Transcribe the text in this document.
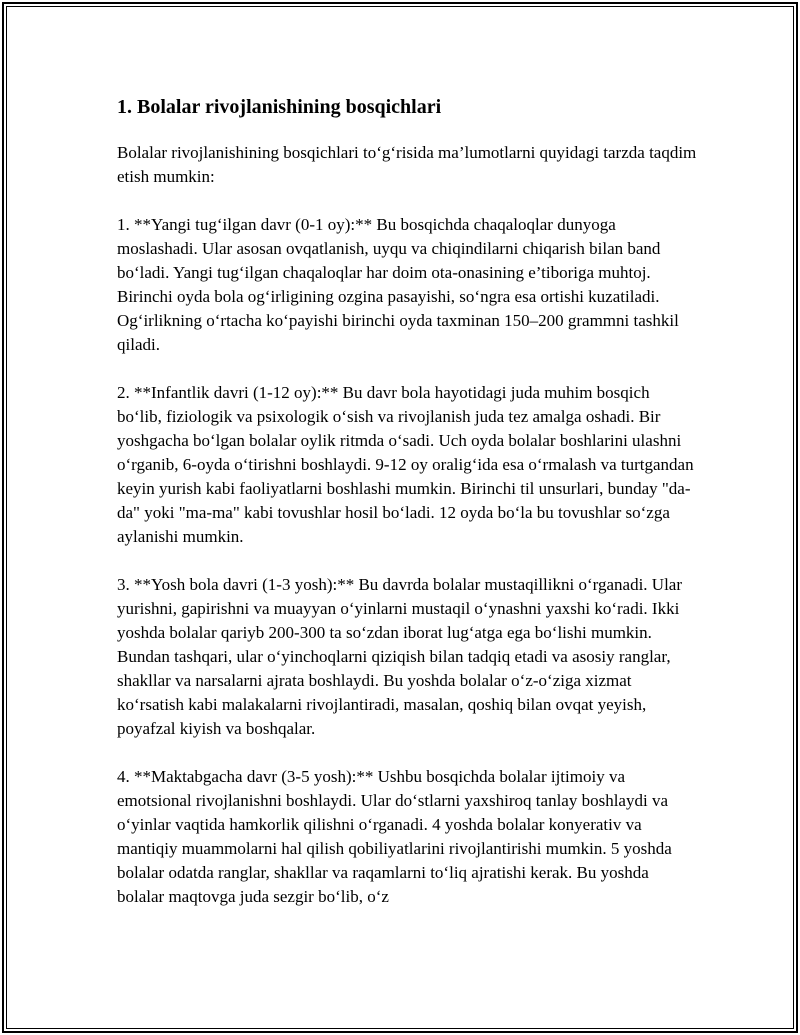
1. Bolalar rivojlanishining bosqichlari

Bolalar rivojlanishining bosqichlari to‘g‘risida ma’lumotlarni quyidagi tarzda taqdim etish mumkin:

1. **Yangi tug‘ilgan davr (0-1 oy):** Bu bosqichda chaqaloqlar dunyoga moslashadi. Ular asosan ovqatlanish, uyqu va chiqindilarni chiqarish bilan band bo‘ladi. Yangi tug‘ilgan chaqaloqlar har doim ota-onasining e’tiboriga muhtoj. Birinchi oyda bola og‘irligining ozgina pasayishi, so‘ngra esa ortishi kuzatiladi. Og‘irlikning o‘rtacha ko‘payishi birinchi oyda taxminan 150–200 grammni tashkil qiladi.

2. **Infantlik davri (1-12 oy):** Bu davr bola hayotidagi juda muhim bosqich bo‘lib, fiziologik va psixologik o‘sish va rivojlanish juda tez amalga oshadi. Bir yoshgacha bo‘lgan bolalar oylik ritmda o‘sadi. Uch oyda bolalar boshlarini ulashni o‘rganib, 6-oyda o‘tirishni boshlaydi. 9-12 oy oralig‘ida esa o‘rmalash va turtgandan keyin yurish kabi faoliyatlarni boshlashi mumkin. Birinchi til unsurlari, bunday "da-da" yoki "ma-ma" kabi tovushlar hosil bo‘ladi. 12 oyda bo‘la bu tovushlar so‘zga aylanishi mumkin.

3. **Yosh bola davri (1-3 yosh):** Bu davrda bolalar mustaqillikni o‘rganadi. Ular yurishni, gapirishni va muayyan o‘yinlarni mustaqil o‘ynashni yaxshi ko‘radi. Ikki yoshda bolalar qariyb 200-300 ta so‘zdan iborat lug‘atga ega bo‘lishi mumkin. Bundan tashqari, ular o‘yinchoqlarni qiziqish bilan tadqiq etadi va asosiy ranglar, shakllar va narsalarni ajrata boshlaydi. Bu yoshda bolalar o‘z-o‘ziga xizmat ko‘rsatish kabi malakalarni rivojlantiradi, masalan, qoshiq bilan ovqat yeyish, poyafzal kiyish va boshqalar.

4. **Maktabgacha davr (3-5 yosh):** Ushbu bosqichda bolalar ijtimoiy va emotsional rivojlanishni boshlaydi. Ular do‘stlarni yaxshiroq tanlay boshlaydi va o‘yinlar vaqtida hamkorlik qilishni o‘rganadi. 4 yoshda bolalar konyerativ va mantiqiy muammolarni hal qilish qobiliyatlarini rivojlantirishi mumkin. 5 yoshda bolalar odatda ranglar, shakllar va raqamlarni to‘liq ajratishi kerak. Bu yoshda bolalar maqtovga juda sezgir bo‘lib, o‘z
